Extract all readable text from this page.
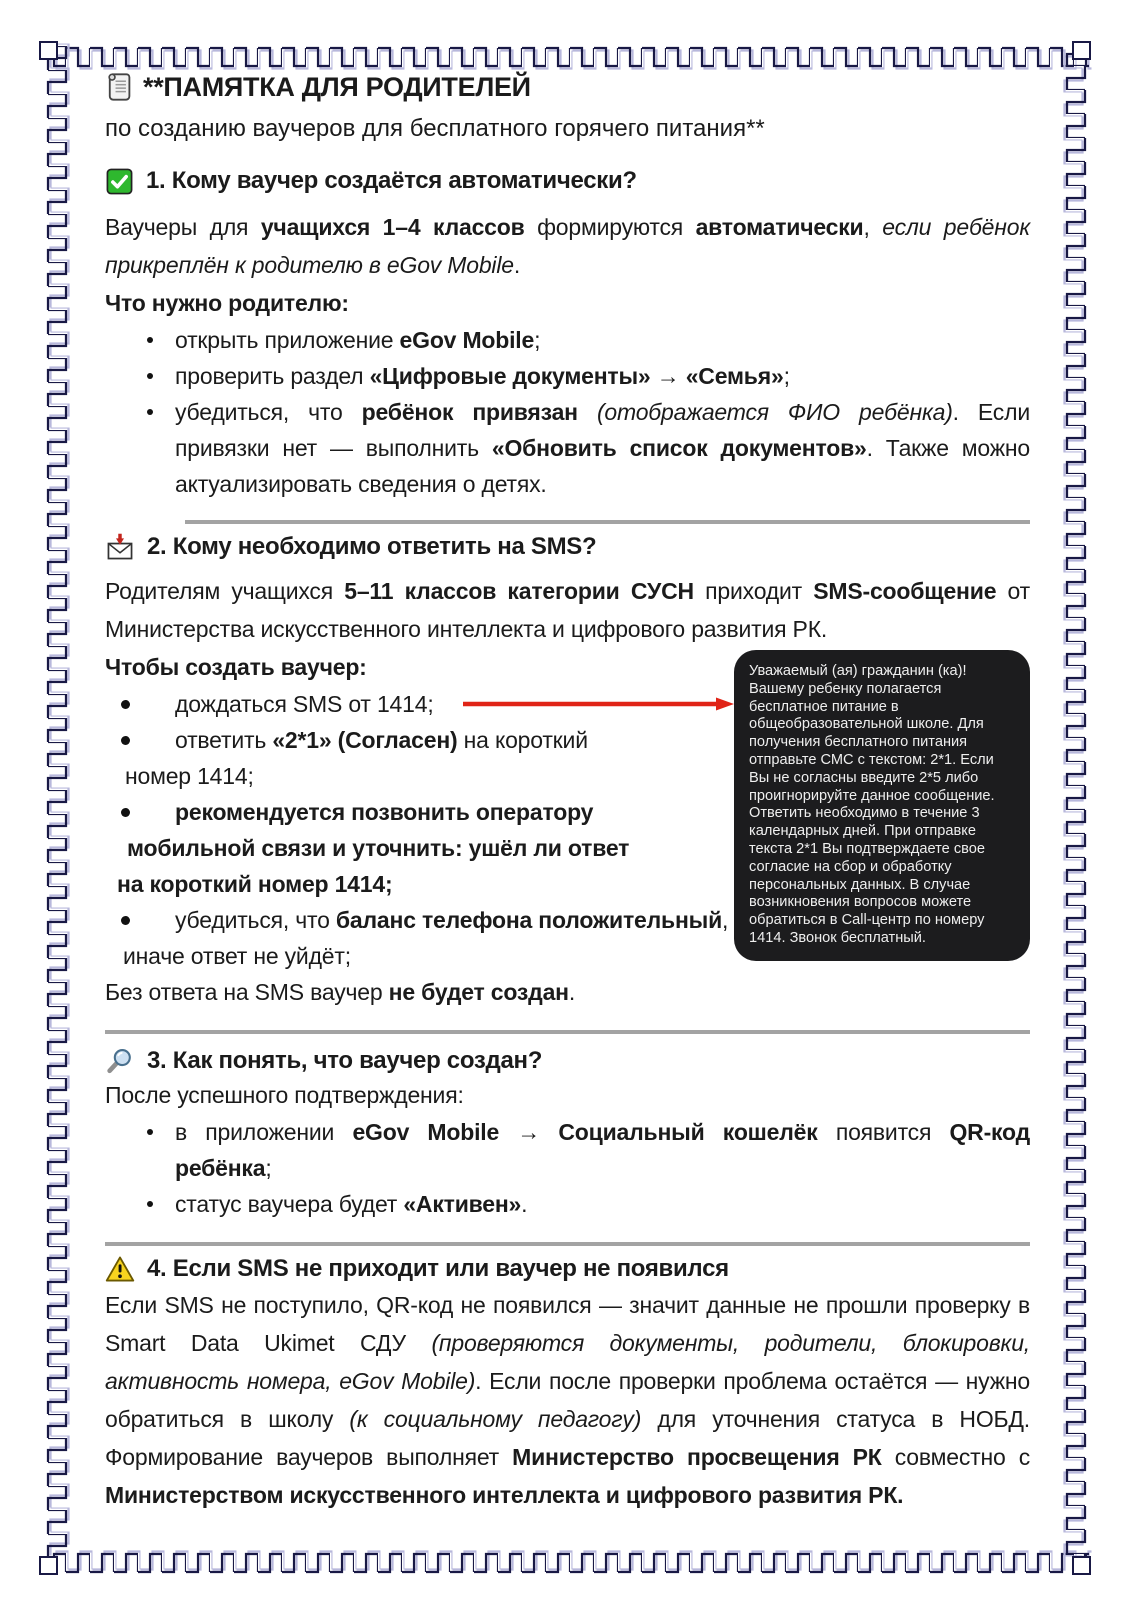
**ПАМЯТКА ДЛЯ РОДИТЕЛЕЙ
по созданию ваучеров для бесплатного горячего питания**
1. Кому ваучер создаётся автоматически?
Ваучеры для учащихся 1–4 классов формируются автоматически, если ребёнок прикреплён к родителю в eGov Mobile.
Что нужно родителю:
открыть приложение eGov Mobile;
проверить раздел «Цифровые документы» → «Семья»;
убедиться, что ребёнок привязан (отображается ФИО ребёнка). Если привязки нет — выполнить «Обновить список документов». Также можно актуализировать сведения о детях.
2. Кому необходимо ответить на SMS?
Родителям учащихся 5–11 классов категории СУСН приходит SMS-сообщение от Министерства искусственного интеллекта и цифрового развития РК.
Чтобы создать ваучер:
дождаться SMS от 1414;
ответить «2*1» (Согласен) на короткий
номер 1414;
рекомендуется позвонить оператору
мобильной связи и уточнить: ушёл ли ответ
на короткий номер 1414;
убедиться, что баланс телефона положительный,
иначе ответ не уйдёт;
Без ответа на SMS ваучер не будет создан.
Уважаемый (ая) гражданин (ка)! Вашему ребенку полагается бесплатное питание в общеобразовательной школе. Для получения бесплатного питания отправьте СМС с текстом: 2*1. Если Вы не согласны введите 2*5 либо проигнорируйте данное сообщение. Ответить необходимо в течение 3 календарных дней. При отправке текста 2*1 Вы подтверждаете свое согласие на сбор и обработку персональных данных. В случае возникновения вопросов можете обратиться в Call-центр по номеру 1414. Звонок бесплатный.
3. Как понять, что ваучер создан?
После успешного подтверждения:
в приложении eGov Mobile → Социальный кошелёк появится QR-код ребёнка;
статус ваучера будет «Активен».
4. Если SMS не приходит или ваучер не появился
Если SMS не поступило, QR-код не появился — значит данные не прошли проверку в Smart Data Ukimet СДУ (проверяются документы, родители, блокировки, активность номера, eGov Mobile). Если после проверки проблема остаётся — нужно обратиться в школу (к социальному педагогу) для уточнения статуса в НОБД. Формирование ваучеров выполняет Министерство просвещения РК совместно с Министерством искусственного интеллекта и цифрового развития РК.
